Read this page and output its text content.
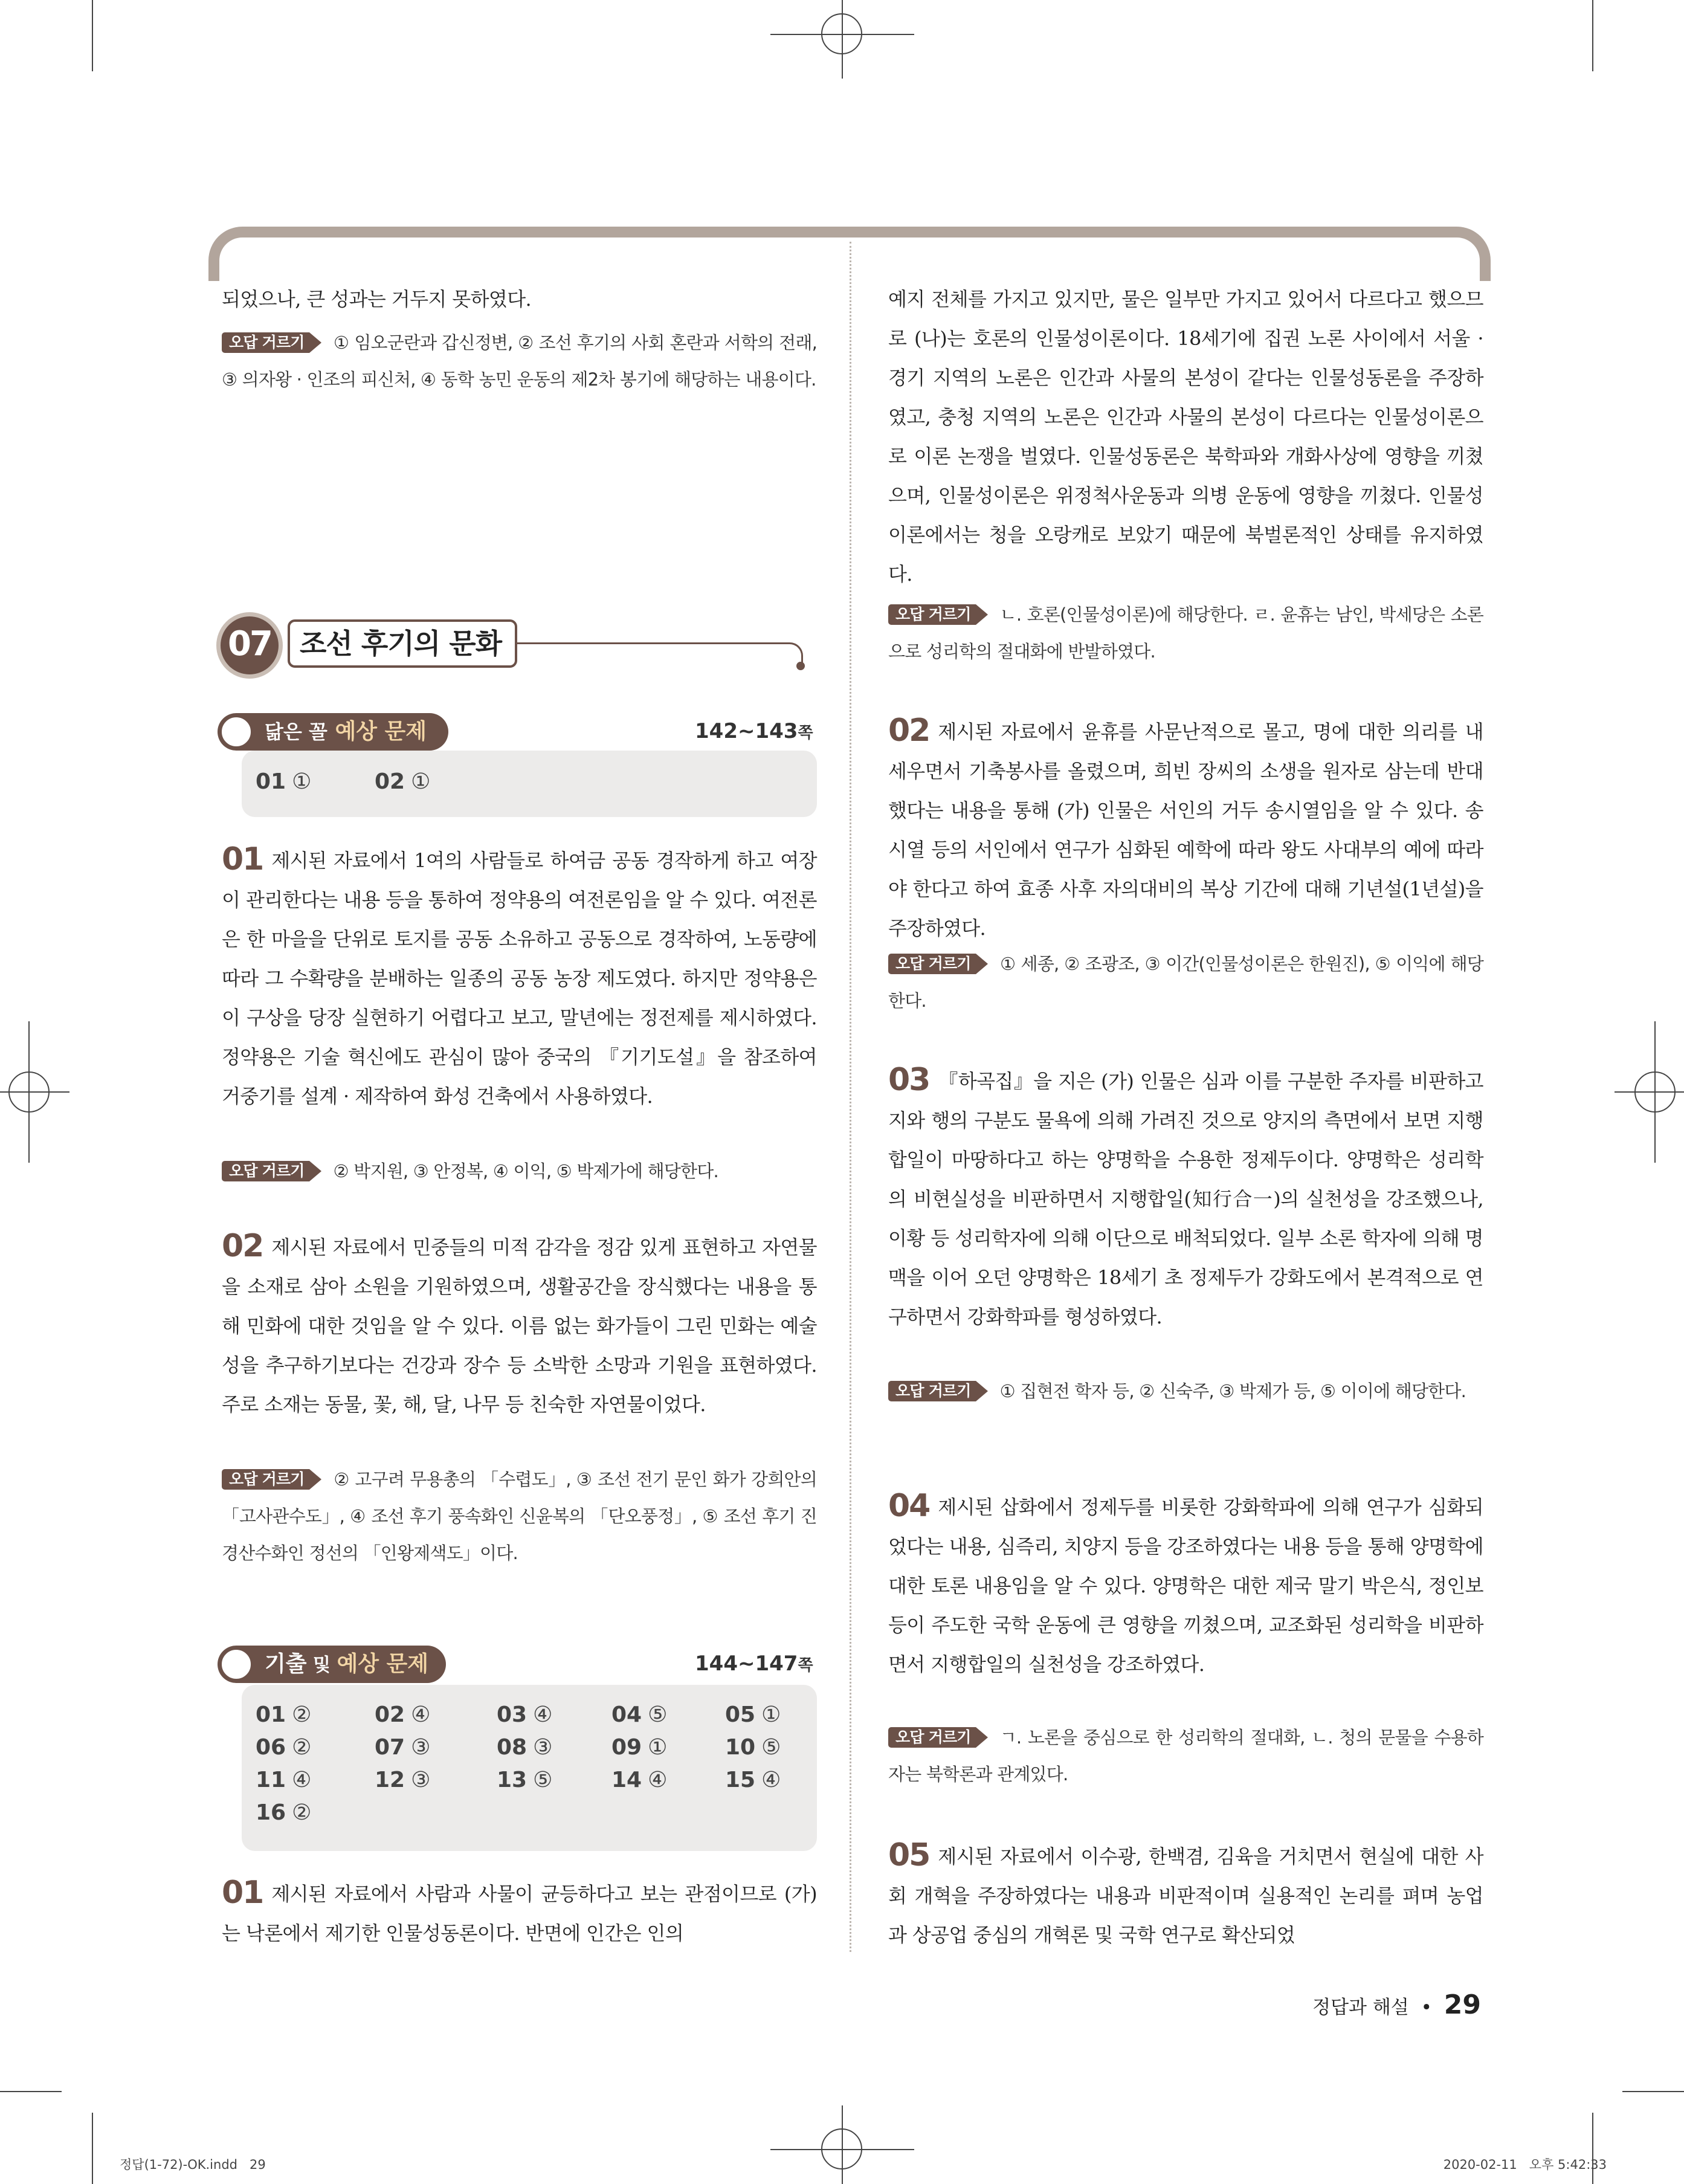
되었으나, 큰 성과는 거두지 못하였다.
오답 거르기 ① 임오군란과 갑신정변, ② 조선 후기의 사회 혼란과 서학의 전래, ③ 의자왕 · 인조의 피신처, ④ 동학 농민 운동의 제2차 봉기에 해당하는 내용이다.
07	조선 후기의 문화
닮은 꼴 예상 문제	142~143쪽
01 ①	02 ①
01 제시된 자료에서 1여의 사람들로 하여금 공동 경작하게 하고 여장이 관리한다는 내용 등을 통하여 정약용의 여전론임을 알 수 있다. 여전론은 한 마을을 단위로 토지를 공동 소유하고 공동으로 경작하여, 노동량에 따라 그 수확량을 분배하는 일종의 공동 농장 제도였다. 하지만 정약용은 이 구상을 당장 실현하기 어렵다고 보고, 말년에는 정전제를 제시하였다. 정약용은 기술 혁신에도 관심이 많아 중국의 『기기도설』을 참조하여 거중기를 설계 · 제작하여 화성 건축에서 사용하였다.
오답 거르기 ② 박지원, ③ 안정복, ④ 이익, ⑤ 박제가에 해당한다.
02 제시된 자료에서 민중들의 미적 감각을 정감 있게 표현하고 자연물을 소재로 삼아 소원을 기원하였으며, 생활공간을 장식했다는 내용을 통해 민화에 대한 것임을 알 수 있다. 이름 없는 화가들이 그린 민화는 예술성을 추구하기보다는 건강과 장수 등 소박한 소망과 기원을 표현하였다. 주로 소재는 동물, 꽃, 해, 달, 나무 등 친숙한 자연물이었다.
오답 거르기 ② 고구려 무용총의 「수렵도」, ③ 조선 전기 문인 화가 강희안의 「고사관수도」, ④ 조선 후기 풍속화인 신윤복의 「단오풍정」, ⑤ 조선 후기 진경산수화인 정선의 「인왕제색도」이다.
기출 및 예상 문제	144~147쪽
01 ②	02 ④	03 ④	04 ⑤	05 ①
06 ②	07 ③	08 ③	09 ①	10 ⑤
11 ④	12 ③	13 ⑤	14 ④	15 ④
16 ②
01 제시된 자료에서 사람과 사물이 균등하다고 보는 관점이므로 (가)는 낙론에서 제기한 인물성동론이다. 반면에 인간은 인의
예지 전체를 가지고 있지만, 물은 일부만 가지고 있어서 다르다고 했으므로 (나)는 호론의 인물성이론이다. 18세기에 집권 노론 사이에서 서울 · 경기 지역의 노론은 인간과 사물의 본성이 같다는 인물성동론을 주장하였고, 충청 지역의 노론은 인간과 사물의 본성이 다르다는 인물성이론으로 이론 논쟁을 벌였다. 인물성동론은 북학파와 개화사상에 영향을 끼쳤으며, 인물성이론은 위정척사운동과 의병 운동에 영향을 끼쳤다. 인물성이론에서는 청을 오랑캐로 보았기 때문에 북벌론적인 상태를 유지하였다.
오답 거르기 ㄴ. 호론(인물성이론)에 해당한다. ㄹ. 윤휴는 남인, 박세당은 소론으로 성리학의 절대화에 반발하였다.
02 제시된 자료에서 윤휴를 사문난적으로 몰고, 명에 대한 의리를 내세우면서 기축봉사를 올렸으며, 희빈 장씨의 소생을 원자로 삼는데 반대했다는 내용을 통해 (가) 인물은 서인의 거두 송시열임을 알 수 있다. 송시열 등의 서인에서 연구가 심화된 예학에 따라 왕도 사대부의 예에 따라야 한다고 하여 효종 사후 자의대비의 복상 기간에 대해 기년설(1년설)을 주장하였다.
오답 거르기 ① 세종, ② 조광조, ③ 이간(인물성이론은 한원진), ⑤ 이익에 해당한다.
03 『하곡집』을 지은 (가) 인물은 심과 이를 구분한 주자를 비판하고 지와 행의 구분도 물욕에 의해 가려진 것으로 양지의 측면에서 보면 지행합일이 마땅하다고 하는 양명학을 수용한 정제두이다. 양명학은 성리학의 비현실성을 비판하면서 지행합일(知行合一)의 실천성을 강조했으나, 이황 등 성리학자에 의해 이단으로 배척되었다. 일부 소론 학자에 의해 명맥을 이어 오던 양명학은 18세기 초 정제두가 강화도에서 본격적으로 연구하면서 강화학파를 형성하였다.
오답 거르기 ① 집현전 학자 등, ② 신숙주, ③ 박제가 등, ⑤ 이이에 해당한다.
04 제시된 삽화에서 정제두를 비롯한 강화학파에 의해 연구가 심화되었다는 내용, 심즉리, 치양지 등을 강조하였다는 내용 등을 통해 양명학에 대한 토론 내용임을 알 수 있다. 양명학은 대한 제국 말기 박은식, 정인보 등이 주도한 국학 운동에 큰 영향을 끼쳤으며, 교조화된 성리학을 비판하면서 지행합일의 실천성을 강조하였다.
오답 거르기 ㄱ. 노론을 중심으로 한 성리학의 절대화, ㄴ. 청의 문물을 수용하자는 북학론과 관계있다.
05 제시된 자료에서 이수광, 한백겸, 김육을 거치면서 현실에 대한 사회 개혁을 주장하였다는 내용과 비판적이며 실용적인 논리를 펴며 농업과 상공업 중심의 개혁론 및 국학 연구로 확산되었
정답과 해설 • 29
정답(1-72)-OK.indd   29	2020-02-11   오후 5:42:33
